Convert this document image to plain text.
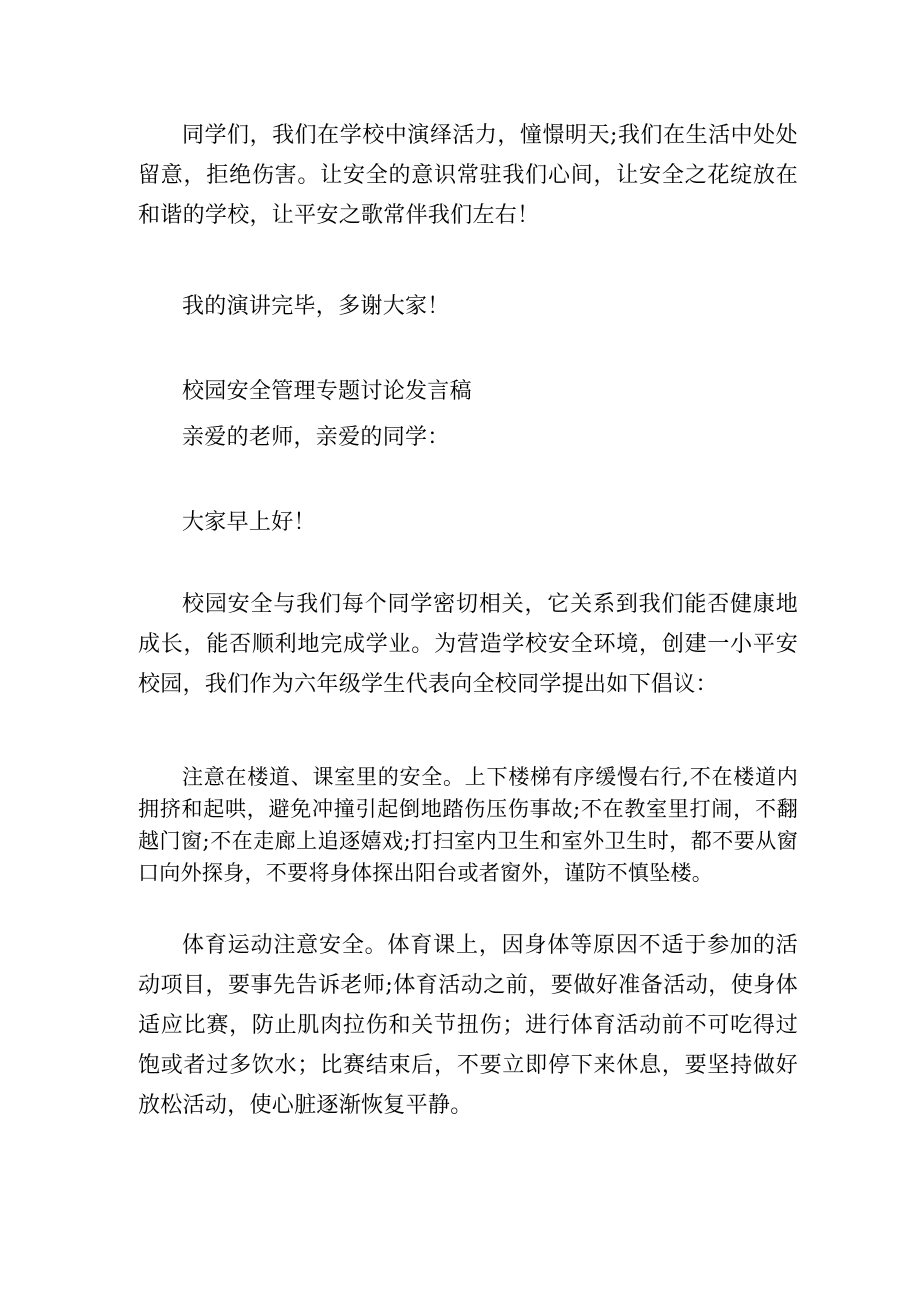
同学们，我们在学校中演绎活力，憧憬明天;我们在生活中处处留意，拒绝伤害。让安全的意识常驻我们心间，让安全之花绽放在和谐的学校，让平安之歌常伴我们左右！

我的演讲完毕，多谢大家！

校园安全管理专题讨论发言稿

亲爱的老师，亲爱的同学：

大家早上好！

校园安全与我们每个同学密切相关，它关系到我们能否健康地成长，能否顺利地完成学业。为营造学校安全环境，创建一小平安校园，我们作为六年级学生代表向全校同学提出如下倡议：

注意在楼道、课室里的安全。上下楼梯有序缓慢右行,不在楼道内拥挤和起哄，避免冲撞引起倒地踏伤压伤事故;不在教室里打闹，不翻越门窗;不在走廊上追逐嬉戏;打扫室内卫生和室外卫生时，都不要从窗口向外探身，不要将身体探出阳台或者窗外，谨防不慎坠楼。

体育运动注意安全。体育课上，因身体等原因不适于参加的活动项目，要事先告诉老师;体育活动之前，要做好准备活动，使身体适应比赛，防止肌肉拉伤和关节扭伤；进行体育活动前不可吃得过饱或者过多饮水；比赛结束后，不要立即停下来休息，要坚持做好放松活动，使心脏逐渐恢复平静。
